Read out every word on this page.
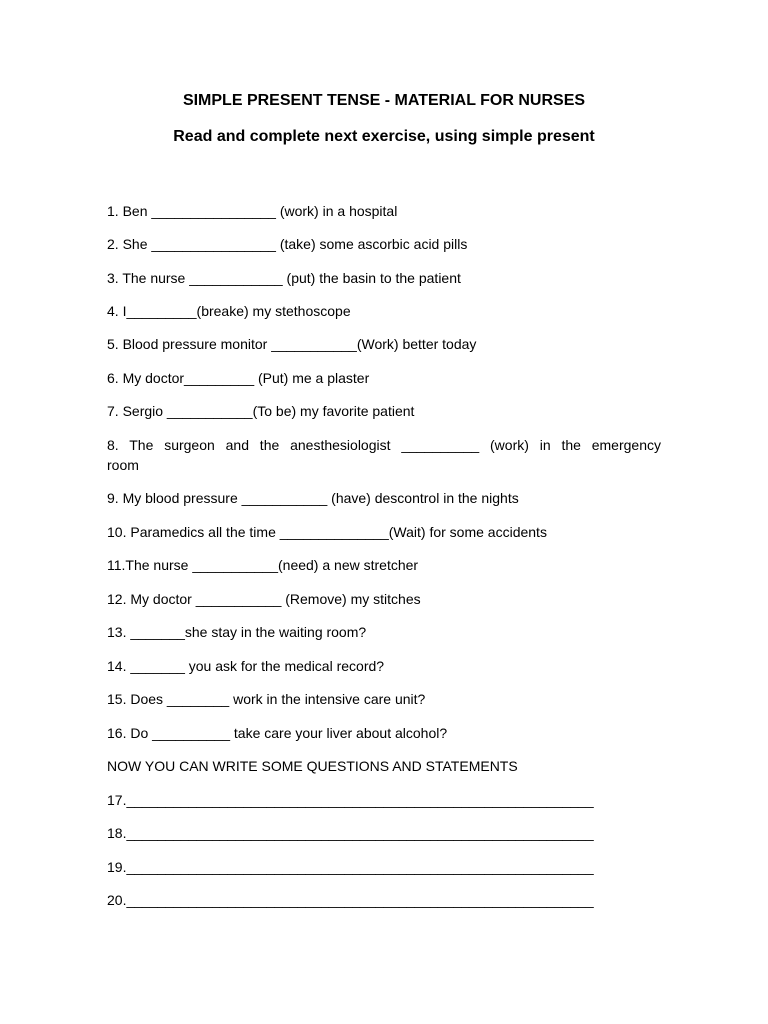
SIMPLE PRESENT TENSE - MATERIAL FOR NURSES
Read and complete next exercise, using simple present
1. Ben ________________ (work) in a hospital
2. She ________________ (take) some ascorbic acid pills
3. The nurse ____________ (put) the basin to the patient
4. I_________(breake) my stethoscope
5. Blood pressure monitor ___________(Work) better today
6. My doctor_________ (Put) me a plaster
7. Sergio ___________(To be) my favorite patient
8. The surgeon and the anesthesiologist __________ (work) in the emergency room
9. My blood pressure ___________ (have) descontrol in the nights
10. Paramedics all the time ______________(Wait) for some accidents
11.The nurse ___________(need) a new stretcher
12. My doctor ___________ (Remove) my stitches
13. _______she stay in the waiting room?
14. _______ you ask for the medical record?
15. Does ________ work in the intensive care unit?
16. Do __________ take care your liver about alcohol?
NOW YOU CAN WRITE SOME QUESTIONS AND STATEMENTS
17.____________________________________________________________
18.____________________________________________________________
19.____________________________________________________________
20.____________________________________________________________
